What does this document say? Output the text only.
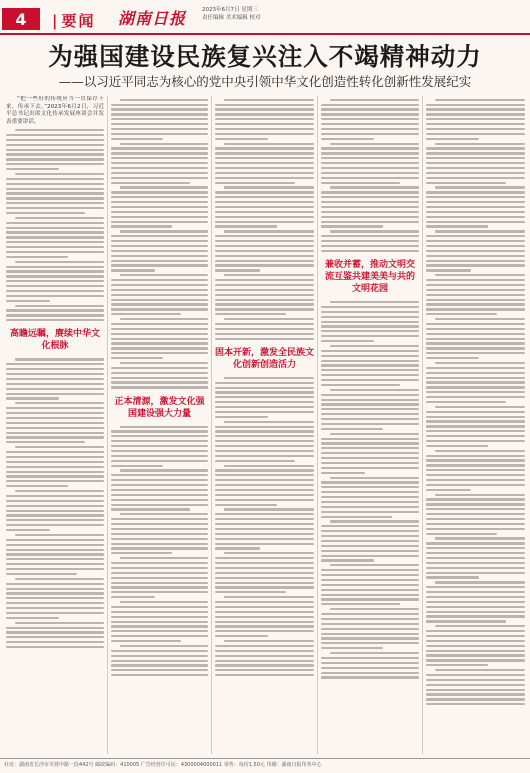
4	| 要闻 湖南日报	2023年6月7日 星期三
责任编辑 美术编辑 校对
为强国建设民族复兴注入不竭精神动力
——以习近平同志为核心的党中央引领中华文化创造性转化创新性发展纪实

“把一些好的传统应当一直保存下来，传承下去。”2023年6月2日，习近平总书记出席文化传承发展座谈会并发表重要讲话。

高瞻远瞩，赓续中华文化根脉
正本清源，激发文化强国建设强大力量
固本开新，激发全民族文化创新创造活力
兼收并蓄，推动文明交流互鉴共建美美与共的文明花园
社址：湖南省长沙市芙蓉中路一段442号 邮政编码：410005 广告经营许可证：4300004000011 零售：每份1.50元 印刷：湖南日报印务中心
